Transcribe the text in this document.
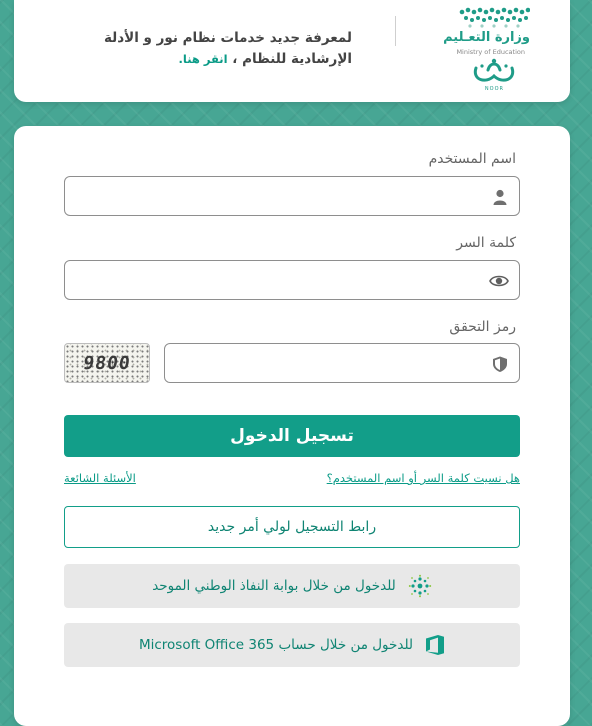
وزارة التعـليم
Ministry of Education
NOOR
لمعرفة جديد خدمات نظام نور و الأدلة
الإرشادية للنظام ، انقر هنا.
اسم المستخدم
كلمة السر
رمز التحقق
9800
تسجيل الدخول
هل نسيت كلمة السر أو اسم المستخدم؟
الأسئلة الشائعة
رابط التسجيل لولي أمر جديد
للدخول من خلال بوابة النفاذ الوطني الموحد
للدخول من خلال حساب Microsoft Office 365
